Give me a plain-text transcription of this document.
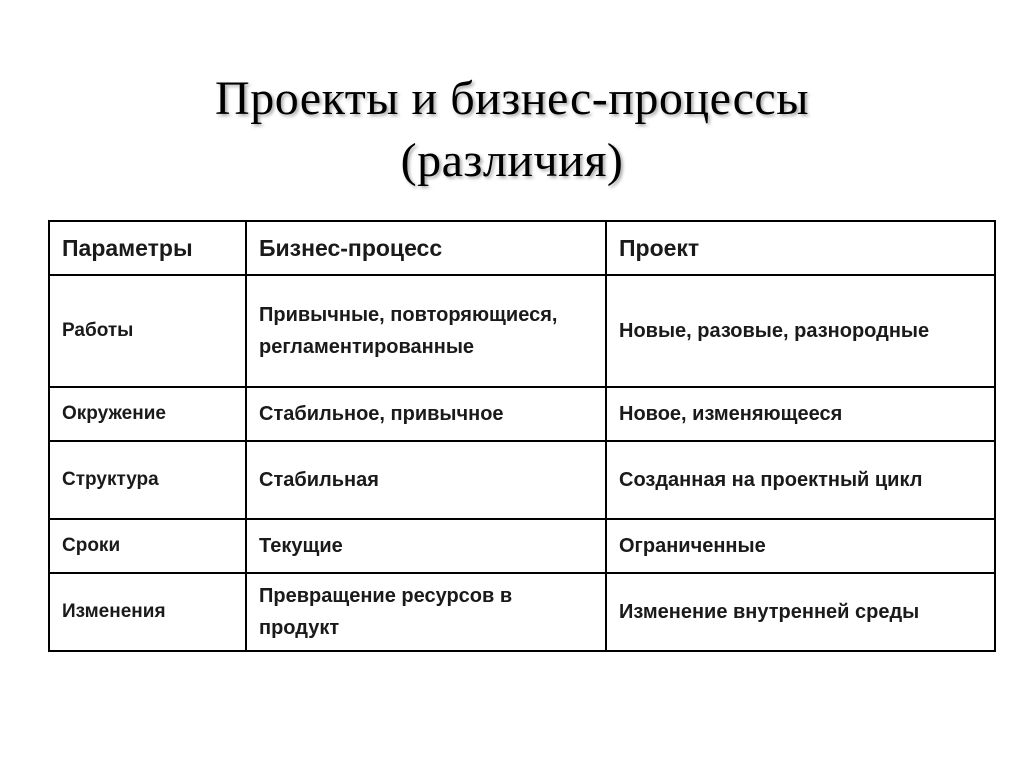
Проекты и бизнес-процессы
(различия)
Параметры	Бизнес-процесс	Проект
Работы	Привычные, повторяющиеся, регламентированные	Новые, разовые, разнородные
Окружение	Стабильное, привычное	Новое, изменяющееся
Структура	Стабильная	Созданная на проектный цикл
Сроки	Текущие	Ограниченные
Изменения	Превращение ресурсов в продукт	Изменение внутренней среды
